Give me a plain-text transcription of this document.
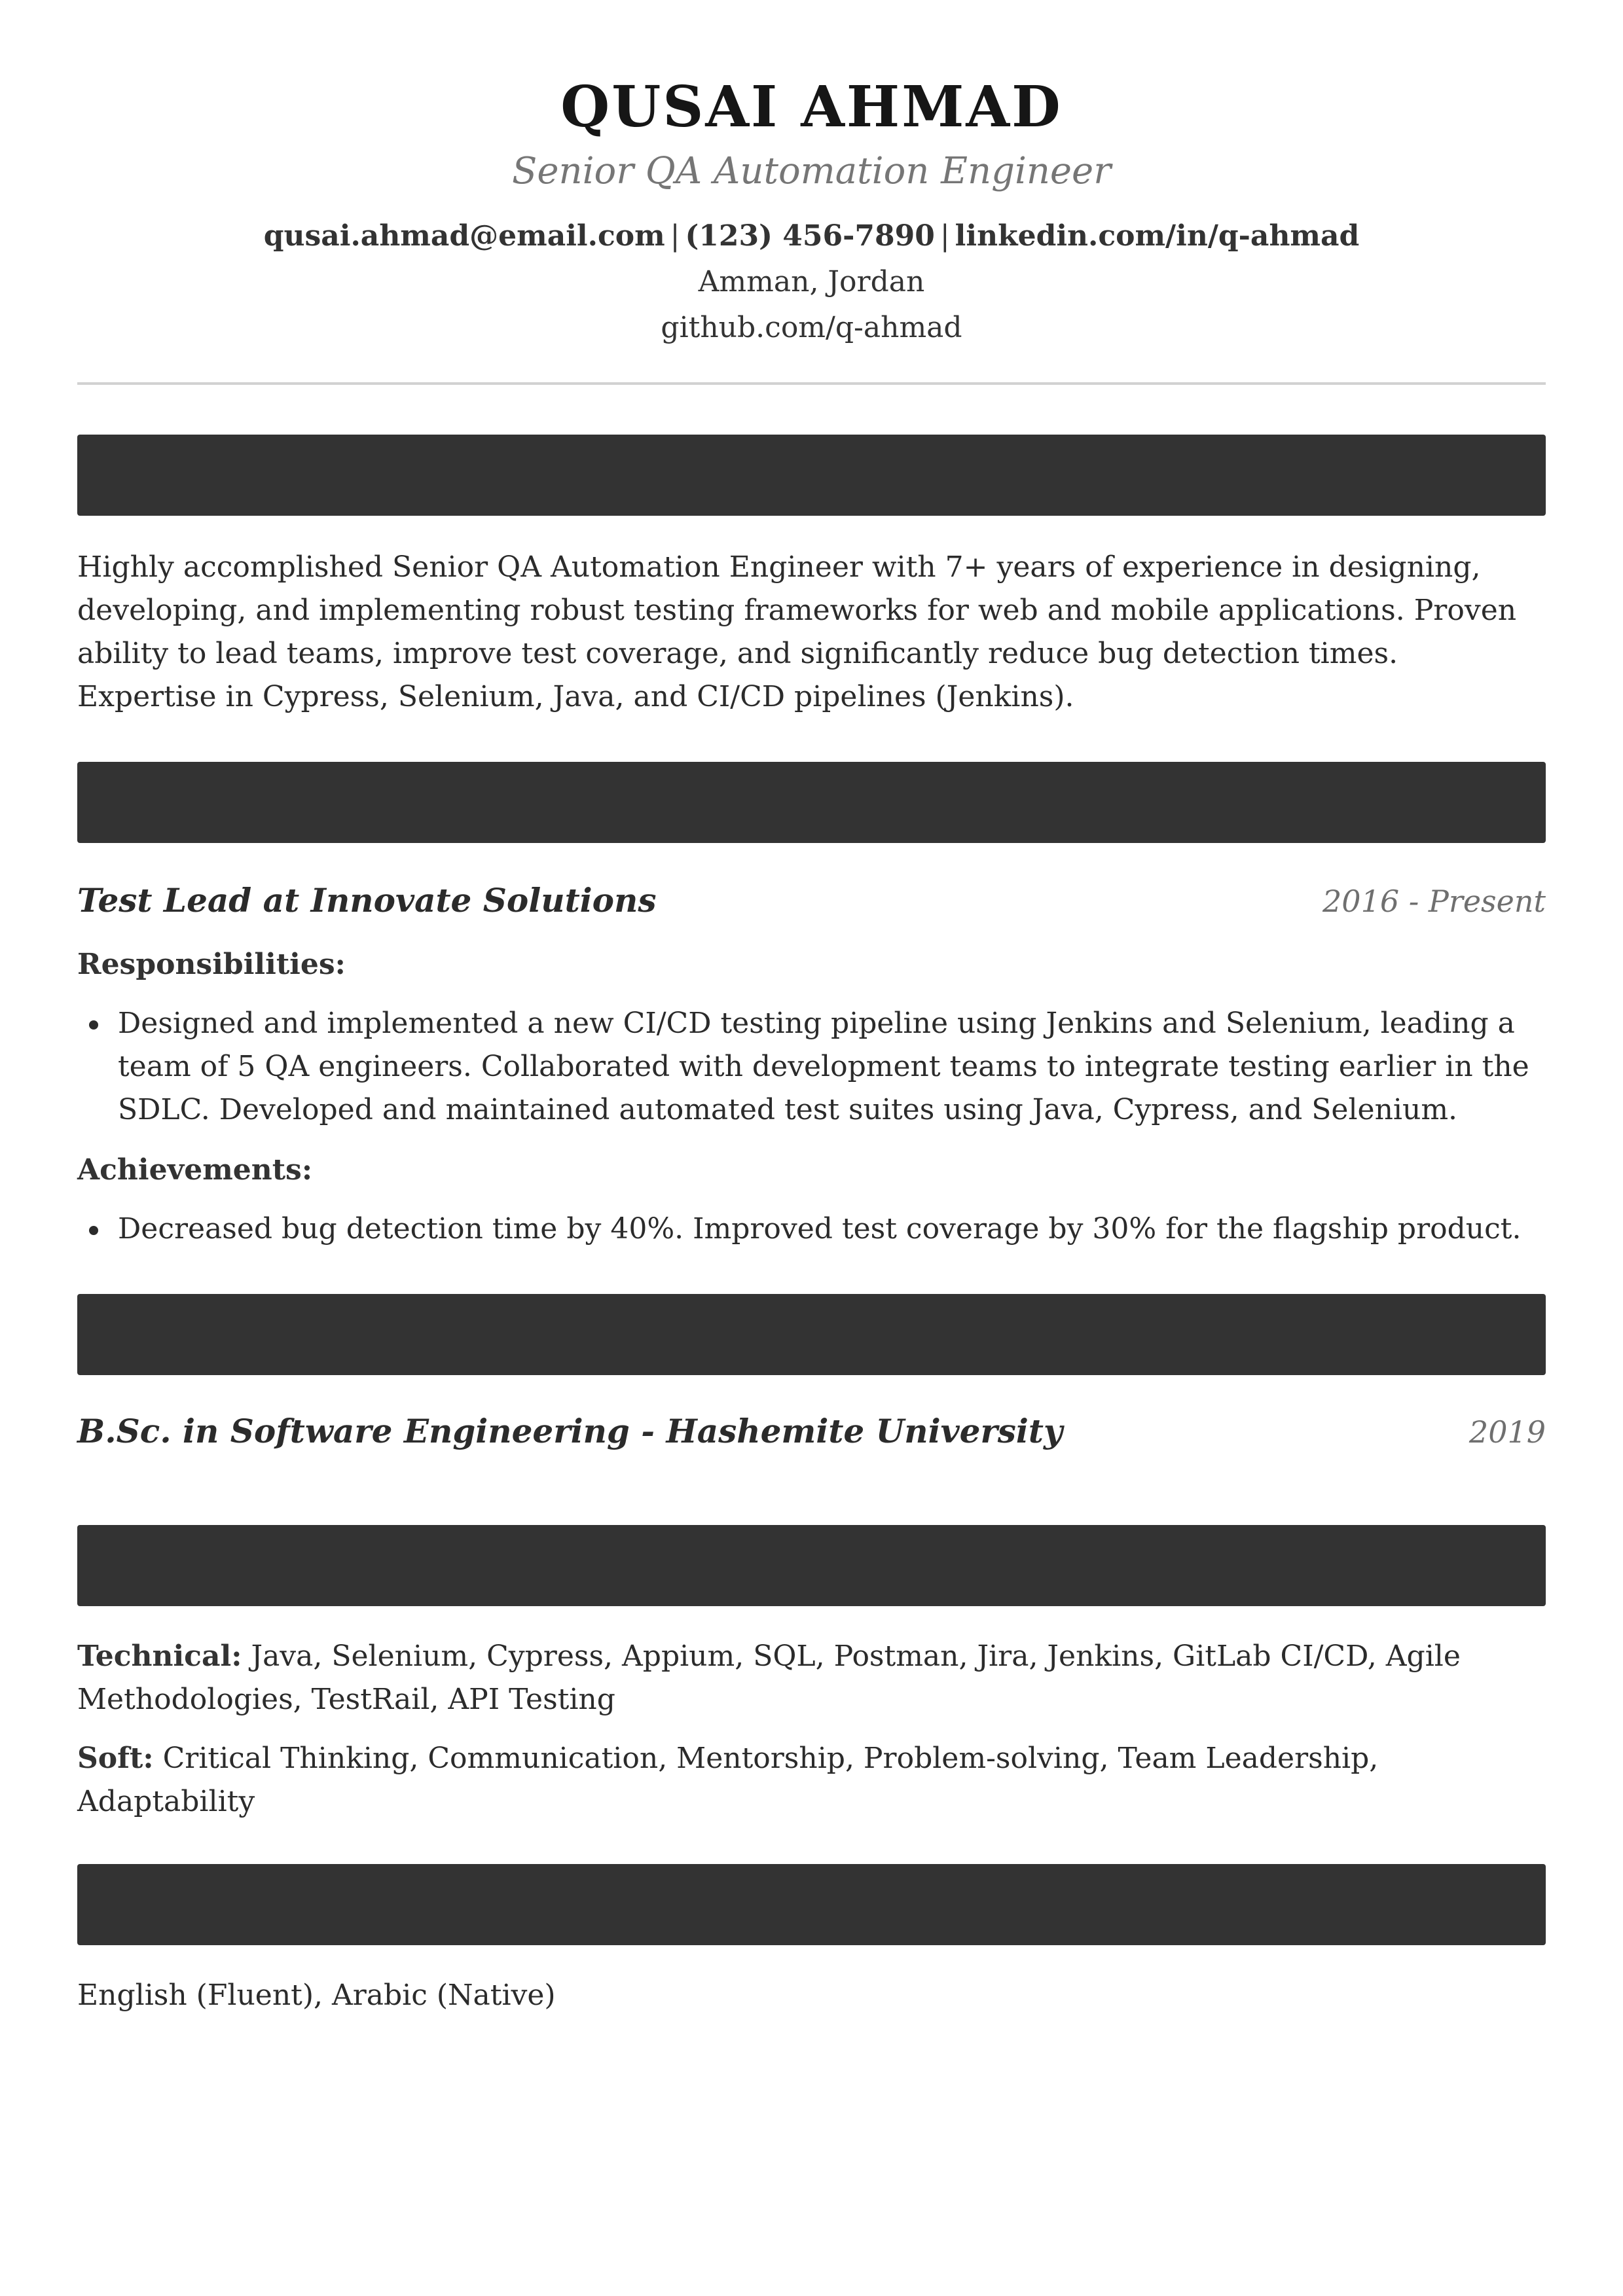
QUSAI AHMAD
Senior QA Automation Engineer
qusai.ahmad@email.com | (123) 456-7890 | linkedin.com/in/q-ahmad
Amman, Jordan
github.com/q-ahmad
Highly accomplished Senior QA Automation Engineer with 7+ years of experience in designing, developing, and implementing robust testing frameworks for web and mobile applications. Proven ability to lead teams, improve test coverage, and significantly reduce bug detection times. Expertise in Cypress, Selenium, Java, and CI/CD pipelines (Jenkins).
Test Lead at Innovate Solutions	2016 - Present
Responsibilities:
Designed and implemented a new CI/CD testing pipeline using Jenkins and Selenium, leading a team of 5 QA engineers. Collaborated with development teams to integrate testing earlier in the SDLC. Developed and maintained automated test suites using Java, Cypress, and Selenium.
Achievements:
Decreased bug detection time by 40%. Improved test coverage by 30% for the flagship product.
B.Sc. in Software Engineering - Hashemite University	2019
Technical: Java, Selenium, Cypress, Appium, SQL, Postman, Jira, Jenkins, GitLab CI/CD, Agile Methodologies, TestRail, API Testing
Soft: Critical Thinking, Communication, Mentorship, Problem-solving, Team Leadership, Adaptability
English (Fluent), Arabic (Native)
